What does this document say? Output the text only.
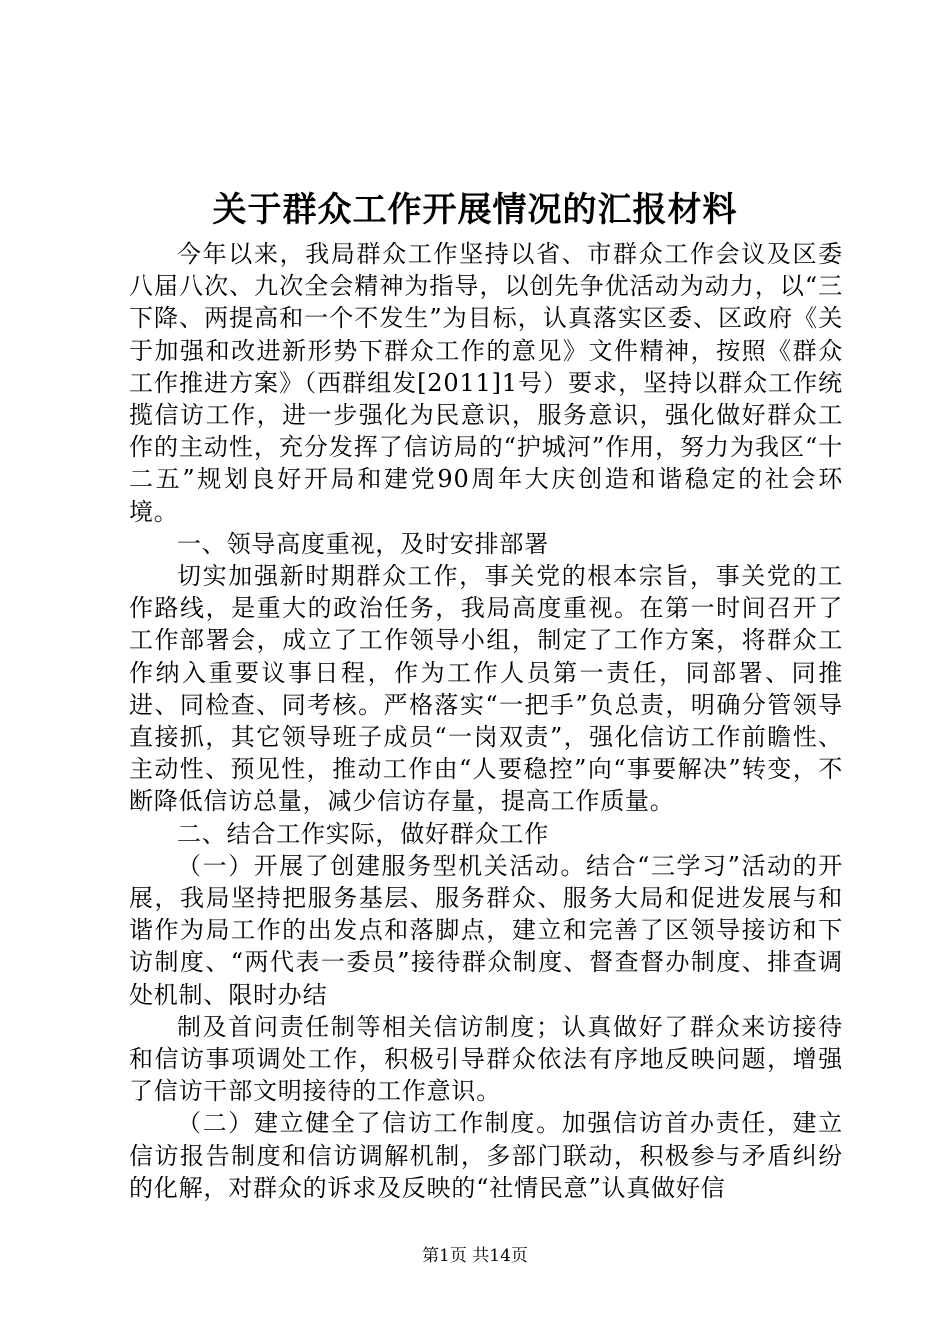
关于群众工作开展情况的汇报材料

今年以来，我局群众工作坚持以省、市群众工作会议及区委八届八次、九次全会精神为指导，以创先争优活动为动力，以“三下降、两提高和一个不发生”为目标，认真落实区委、区政府《关于加强和改进新形势下群众工作的意见》文件精神，按照《群众工作推进方案》（西群组发[2011]1号）要求，坚持以群众工作统揽信访工作，进一步强化为民意识，服务意识，强化做好群众工作的主动性，充分发挥了信访局的“护城河”作用，努力为我区“十二五”规划良好开局和建党90周年大庆创造和谐稳定的社会环境。

一、领导高度重视，及时安排部署

切实加强新时期群众工作，事关党的根本宗旨，事关党的工作路线，是重大的政治任务，我局高度重视。在第一时间召开了工作部署会，成立了工作领导小组，制定了工作方案，将群众工作纳入重要议事日程，作为工作人员第一责任，同部署、同推进、同检查、同考核。严格落实“一把手”负总责，明确分管领导直接抓，其它领导班子成员“一岗双责”，强化信访工作前瞻性、主动性、预见性，推动工作由“人要稳控”向“事要解决”转变，不断降低信访总量，减少信访存量，提高工作质量。

二、结合工作实际，做好群众工作

（一）开展了创建服务型机关活动。结合“三学习”活动的开展，我局坚持把服务基层、服务群众、服务大局和促进发展与和谐作为局工作的出发点和落脚点，建立和完善了区领导接访和下访制度、“两代表一委员”接待群众制度、督查督办制度、排查调处机制、限时办结

制及首问责任制等相关信访制度；认真做好了群众来访接待和信访事项调处工作，积极引导群众依法有序地反映问题，增强了信访干部文明接待的工作意识。

（二）建立健全了信访工作制度。加强信访首办责任，建立信访报告制度和信访调解机制，多部门联动，积极参与矛盾纠纷的化解，对群众的诉求及反映的“社情民意”认真做好信

第1页 共14页
